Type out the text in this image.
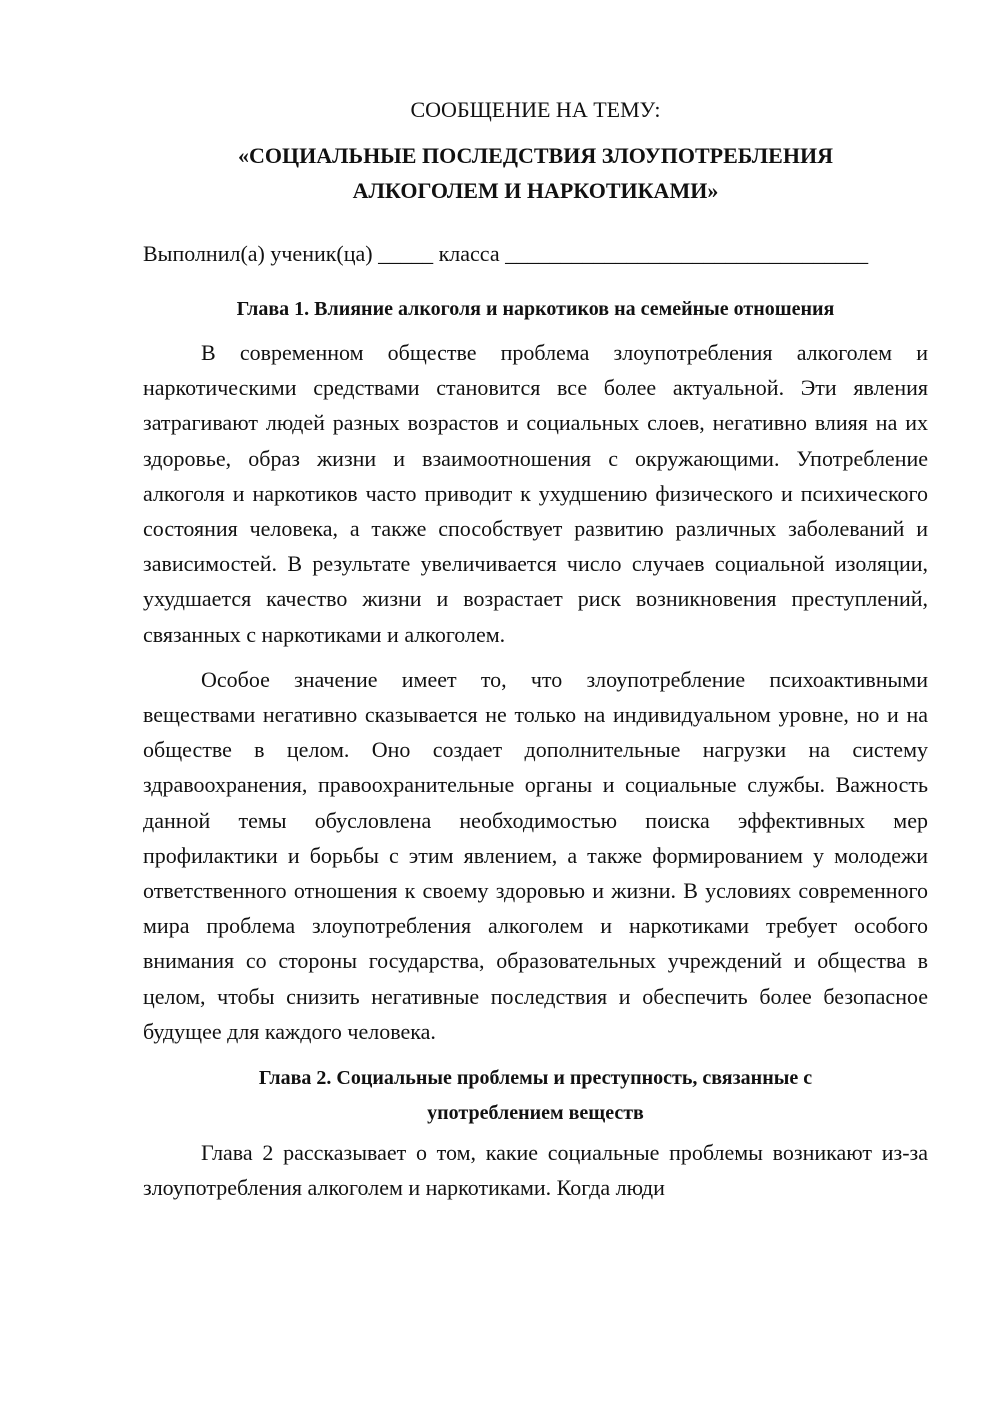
СООБЩЕНИЕ НА ТЕМУ:

«СОЦИАЛЬНЫЕ ПОСЛЕДСТВИЯ ЗЛОУПОТРЕБЛЕНИЯ
АЛКОГОЛЕМ И НАРКОТИКАМИ»

Выполнил(а) ученик(ца) _____ класса _________________________________

Глава 1. Влияние алкоголя и наркотиков на семейные отношения

В современном обществе проблема злоупотребления алкоголем и наркотическими средствами становится все более актуальной. Эти явления затрагивают людей разных возрастов и социальных слоев, негативно влияя на их здоровье, образ жизни и взаимоотношения с окружающими. Употребление алкоголя и наркотиков часто приводит к ухудшению физического и психического состояния человека, а также способствует развитию различных заболеваний и зависимостей. В результате увеличивается число случаев социальной изоляции, ухудшается качество жизни и возрастает риск возникновения преступлений, связанных с наркотиками и алкоголем.

Особое значение имеет то, что злоупотребление психоактивными веществами негативно сказывается не только на индивидуальном уровне, но и на обществе в целом. Оно создает дополнительные нагрузки на систему здравоохранения, правоохранительные органы и социальные службы. Важность данной темы обусловлена необходимостью поиска эффективных мер профилактики и борьбы с этим явлением, а также формированием у молодежи ответственного отношения к своему здоровью и жизни. В условиях современного мира проблема злоупотребления алкоголем и наркотиками требует особого внимания со стороны государства, образовательных учреждений и общества в целом, чтобы снизить негативные последствия и обеспечить более безопасное будущее для каждого человека.

Глава 2. Социальные проблемы и преступность, связанные с
употреблением веществ

Глава 2 рассказывает о том, какие социальные проблемы возникают из-за злоупотребления алкоголем и наркотиками. Когда люди
